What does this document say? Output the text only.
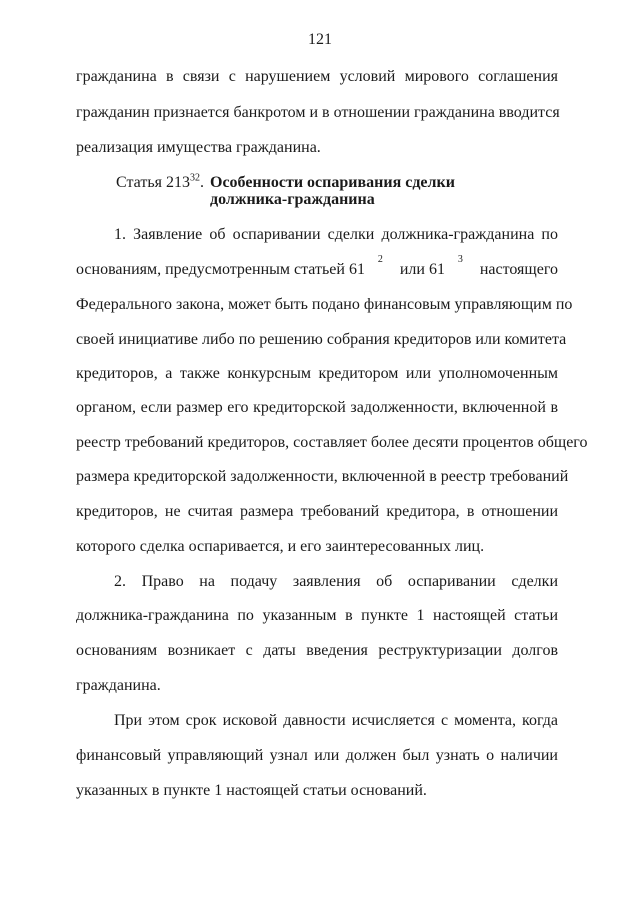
121
гражданина в связи с нарушением условий мирового соглашения
гражданин признается банкротом и в отношении гражданина вводится
реализация имущества гражданина.
Статья $213^{32}$. Особенности оспаривания сделки
должника-гражданина
1. Заявление об оспаривании сделки должника-гражданина по
основаниям, предусмотренным статьей 61
2
или 61
3
настоящего
Федерального закона, может быть подано финансовым управляющим по
своей инициативе либо по решению собрания кредиторов или комитета
кредиторов, а также конкурсным кредитором или уполномоченным
органом, если размер его кредиторской задолженности, включенной в
реестр требований кредиторов, составляет более десяти процентов общего
размера кредиторской задолженности, включенной в реестр требований
кредиторов, не считая размера требований кредитора, в отношении
которого сделка оспаривается, и его заинтересованных лиц.
2. Право на подачу заявления об оспаривании сделки
должника-гражданина по указанным в пункте 1 настоящей статьи
основаниям возникает с даты введения реструктуризации долгов
гражданина.
При этом срок исковой давности исчисляется с момента, когда
финансовый управляющий узнал или должен был узнать о наличии
указанных в пункте 1 настоящей статьи оснований.
